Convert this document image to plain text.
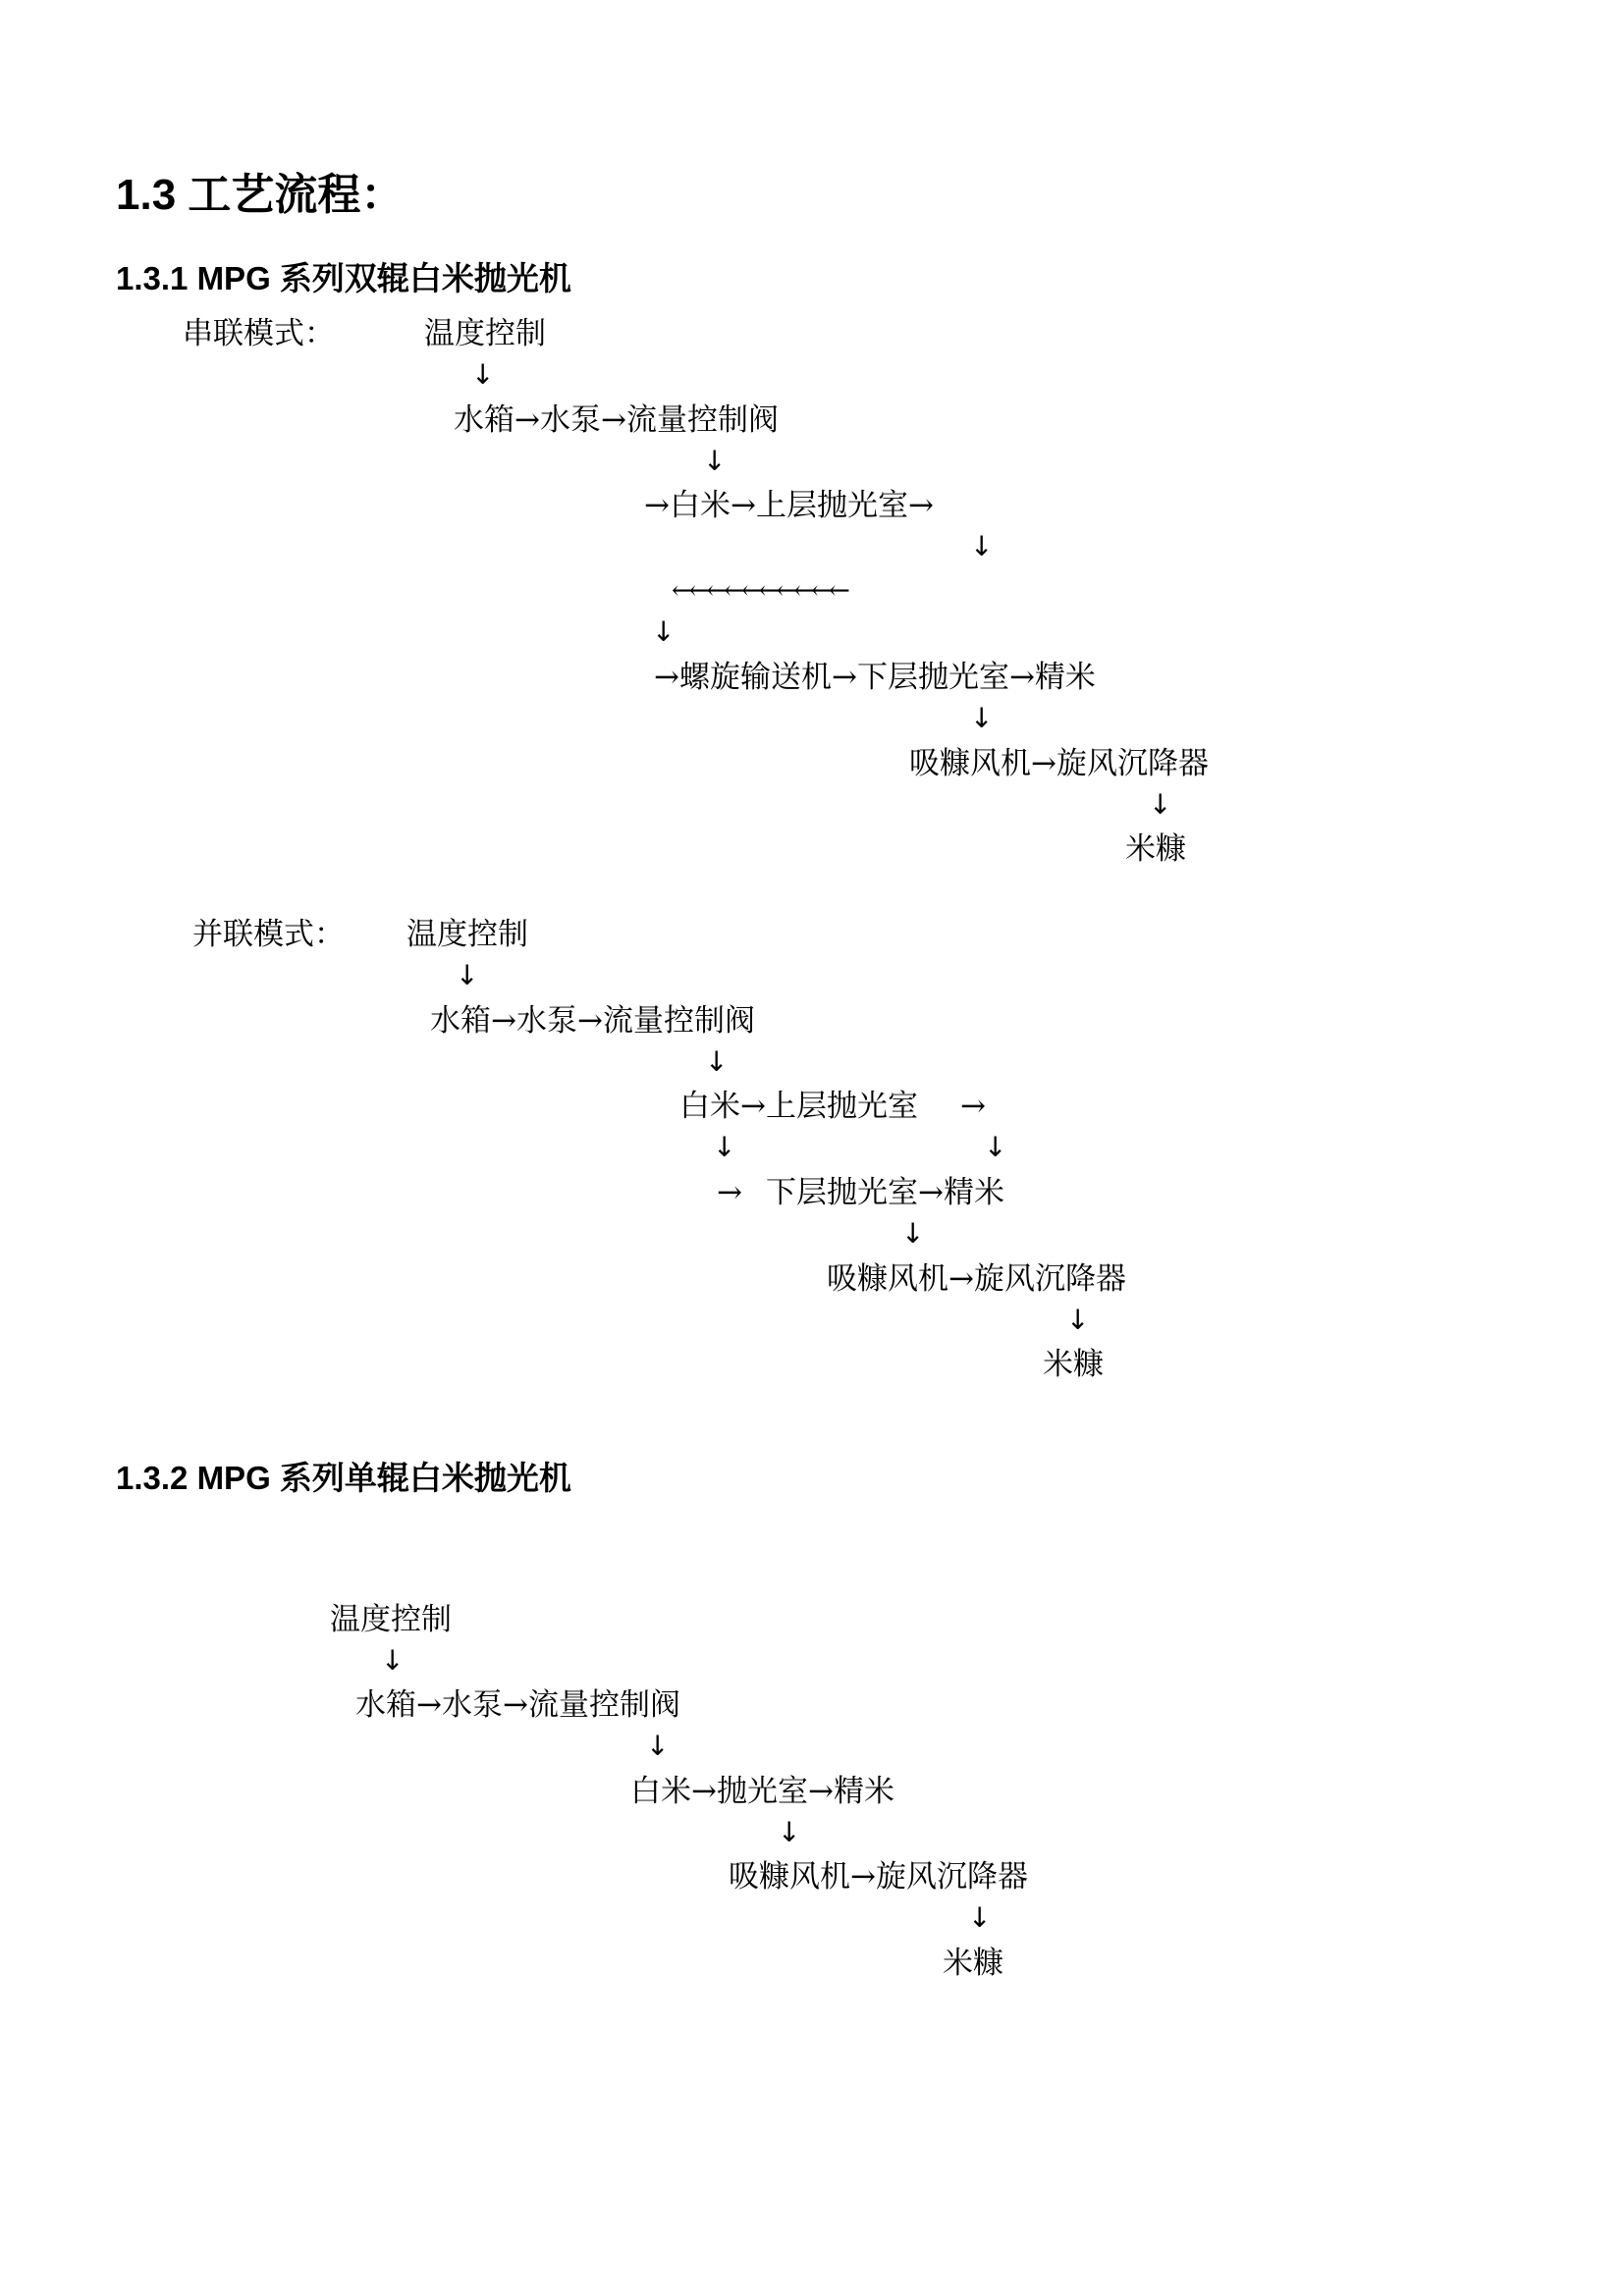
1.3 工艺流程：
1.3.1 MPG 系列双辊白米抛光机
串联模式：	温度控制
↓
水箱→水泵→流量控制阀
↓
→白米→上层抛光室→
↓
←←←←←←←←←←
↓
→螺旋输送机→下层抛光室→精米
↓
吸糠风机→旋风沉降器
↓
米糠
并联模式： 温度控制
↓
水箱→水泵→流量控制阀
↓
白米→上层抛光室 →
↓	↓
→ 下层抛光室→精米
↓
吸糠风机→旋风沉降器
↓
米糠
1.3.2 MPG 系列单辊白米抛光机
温度控制
↓
水箱→水泵→流量控制阀
↓
白米→抛光室→精米
↓
吸糠风机→旋风沉降器
↓
米糠
